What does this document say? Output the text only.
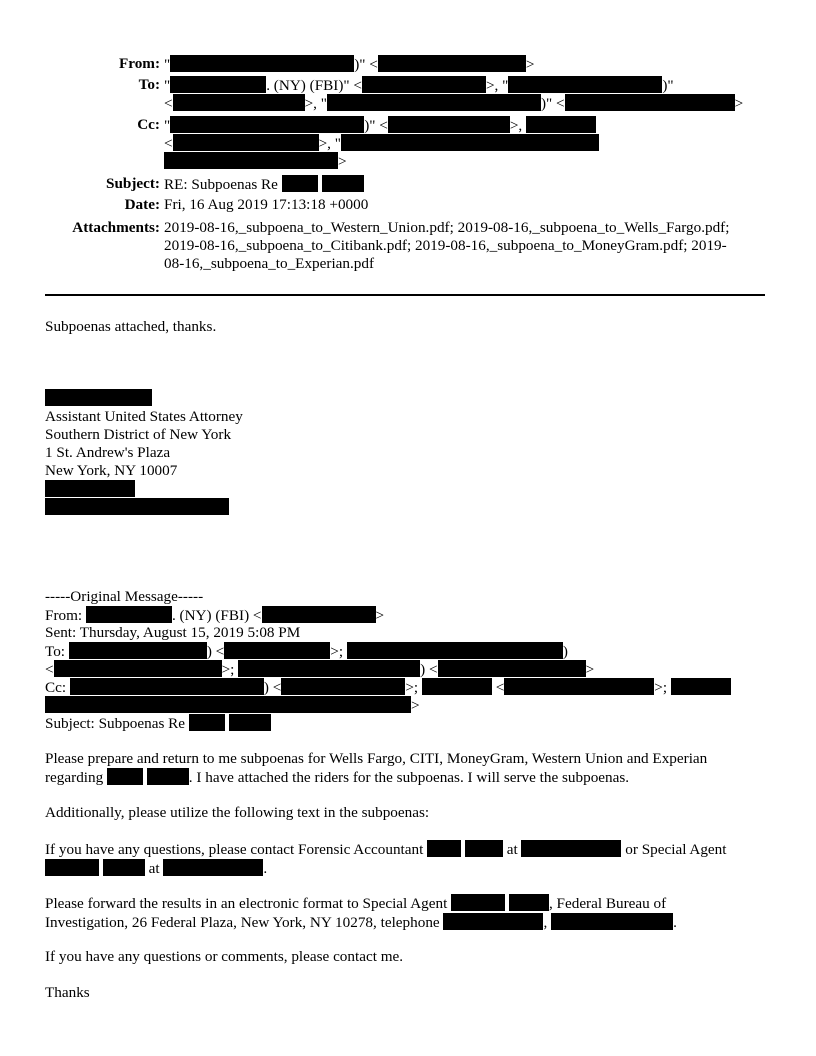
From: "	)" <	>
To: "	. (NY) (FBI)" <	>, "	)"
<	>, "	)" <	>
Cc: "	)" <	>,
<	>, "
>
Subject: RE: Subpoenas Re
Date: Fri, 16 Aug 2019 17:13:18 +0000
Attachments: 2019-08-16,_subpoena_to_Western_Union.pdf; 2019-08-16,_subpoena_to_Wells_Fargo.pdf;
2019-08-16,_subpoena_to_Citibank.pdf; 2019-08-16,_subpoena_to_MoneyGram.pdf; 2019-
08-16,_subpoena_to_Experian.pdf
Subpoenas attached, thanks.
Assistant United States Attorney
Southern District of New York
1 St. Andrew's Plaza
New York, NY 10007
-----Original Message-----
From:	. (NY) (FBI) <	>
Sent: Thursday, August 15, 2019 5:08 PM
To:	) <	>;	)
<	>;	) <	>
Cc:	) <	>;	<	>;
>
Subject: Subpoenas Re
Please prepare and return to me subpoenas for Wells Fargo, CITI, MoneyGram, Western Union and Experian
regarding	. I have attached the riders for the subpoenas. I will serve the subpoenas.
Additionally, please utilize the following text in the subpoenas:
If you have any questions, please contact Forensic Accountant	at	or Special Agent
at	.
Please forward the results in an electronic format to Special Agent	, Federal Bureau of
Investigation, 26 Federal Plaza, New York, NY 10278, telephone	,	.
If you have any questions or comments, please contact me.
Thanks
